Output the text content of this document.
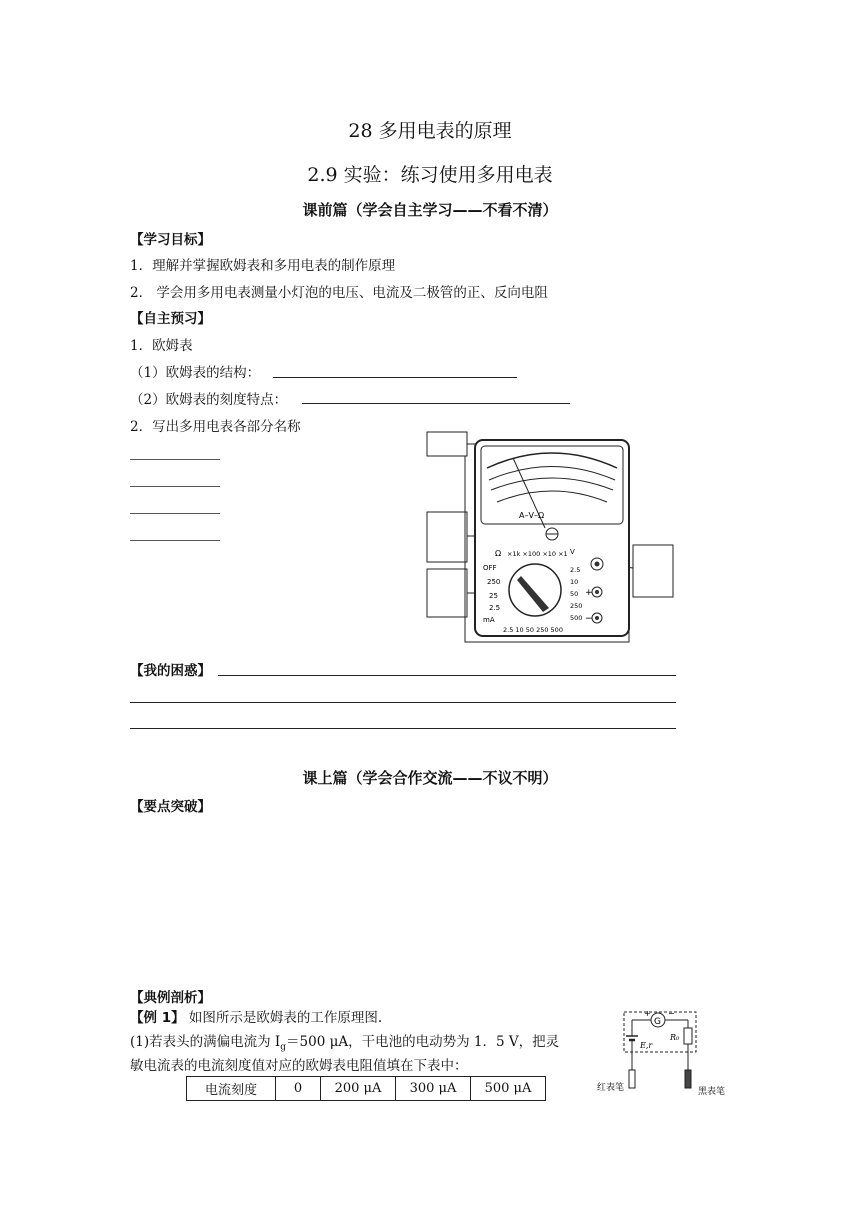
28 多用电表的原理
2.9 实验：练习使用多用电表
课前篇（学会自主学习——不看不清）
【学习目标】
1．理解并掌握欧姆表和多用电表的制作原理
2． 学会用多用电表测量小灯泡的电压、电流及二极管的正、反向电阻
【自主预习】
1．欧姆表
（1）欧姆表的结构：
（2）欧姆表的刻度特点：
2．写出多用电表各部分名称
A–V–Ω
Ω ×1k ×100 ×10 ×1
OFF
250
25
2.5
mA
V
2.5
10
50
250
500
2.5 10 50 250 500
+
−
【我的困惑】
课上篇（学会合作交流——不议不明）
【要点突破】
【典例剖析】
【例 1】 如图所示是欧姆表的工作原理图.
(1)若表头的满偏电流为 $I_g=500$ μA，干电池的电动势为 1．5 V，把灵
敏电流表的电流刻度值对应的欧姆表电阻值填在下表中：
电流刻度	0	200 μA	300 μA	500 μA
G
+ −
E,r
R₀
红表笔	黑表笔
